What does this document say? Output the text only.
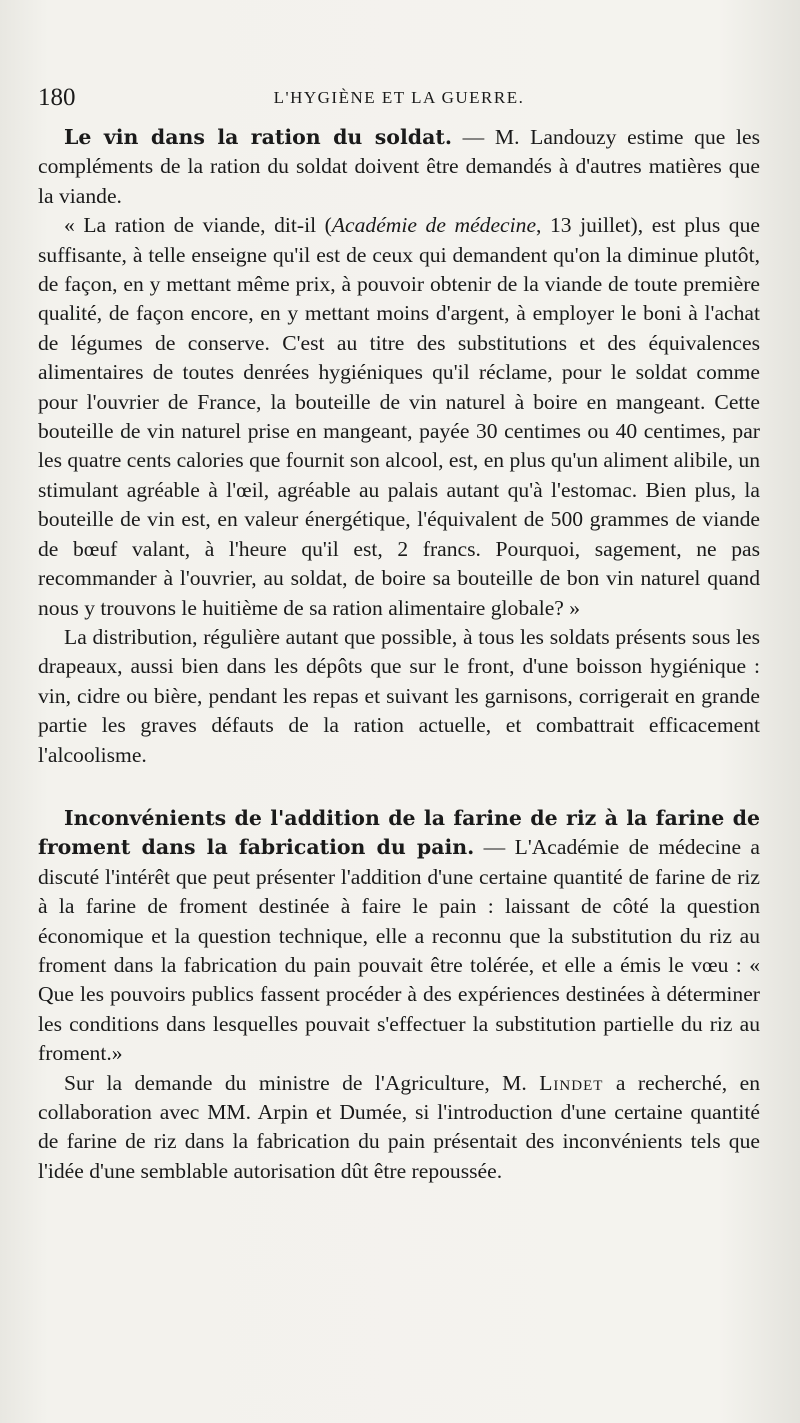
180	L'HYGIÈNE ET LA GUERRE.

Le vin dans la ration du soldat. — M. Landouzy estime que les compléments de la ration du soldat doivent être demandés à d'autres matières que la viande.

« La ration de viande, dit-il (Académie de médecine, 13 juillet), est plus que suffisante, à telle enseigne qu'il est de ceux qui demandent qu'on la diminue plutôt, de façon, en y mettant même prix, à pouvoir obtenir de la viande de toute première qualité, de façon encore, en y mettant moins d'argent, à employer le boni à l'achat de légumes de conserve. C'est au titre des substitutions et des équivalences alimentaires de toutes denrées hygiéniques qu'il réclame, pour le soldat comme pour l'ouvrier de France, la bouteille de vin naturel à boire en mangeant. Cette bouteille de vin naturel prise en mangeant, payée 30 centimes ou 40 centimes, par les quatre cents calories que fournit son alcool, est, en plus qu'un aliment alibile, un stimulant agréable à l'œil, agréable au palais autant qu'à l'estomac. Bien plus, la bouteille de vin est, en valeur énergétique, l'équivalent de 500 grammes de viande de bœuf valant, à l'heure qu'il est, 2 francs. Pourquoi, sagement, ne pas recommander à l'ouvrier, au soldat, de boire sa bouteille de bon vin naturel quand nous y trouvons le huitième de sa ration alimentaire globale? »

La distribution, régulière autant que possible, à tous les soldats présents sous les drapeaux, aussi bien dans les dépôts que sur le front, d'une boisson hygiénique : vin, cidre ou bière, pendant les repas et suivant les garnisons, corrigerait en grande partie les graves défauts de la ration actuelle, et combattrait efficacement l'alcoolisme.

Inconvénients de l'addition de la farine de riz à la farine de froment dans la fabrication du pain. — L'Académie de médecine a discuté l'intérêt que peut présenter l'addition d'une certaine quantité de farine de riz à la farine de froment destinée à faire le pain : laissant de côté la question économique et la question technique, elle a reconnu que la substitution du riz au froment dans la fabrication du pain pouvait être tolérée, et elle a émis le vœu : « Que les pouvoirs publics fassent procéder à des expériences destinées à déterminer les conditions dans lesquelles pouvait s'effectuer la substitution partielle du riz au froment.»

Sur la demande du ministre de l'Agriculture, M. Lindet a recherché, en collaboration avec MM. Arpin et Dumée, si l'introduction d'une certaine quantité de farine de riz dans la fabrication du pain présentait des inconvénients tels que l'idée d'une semblable autorisation dût être repoussée.
